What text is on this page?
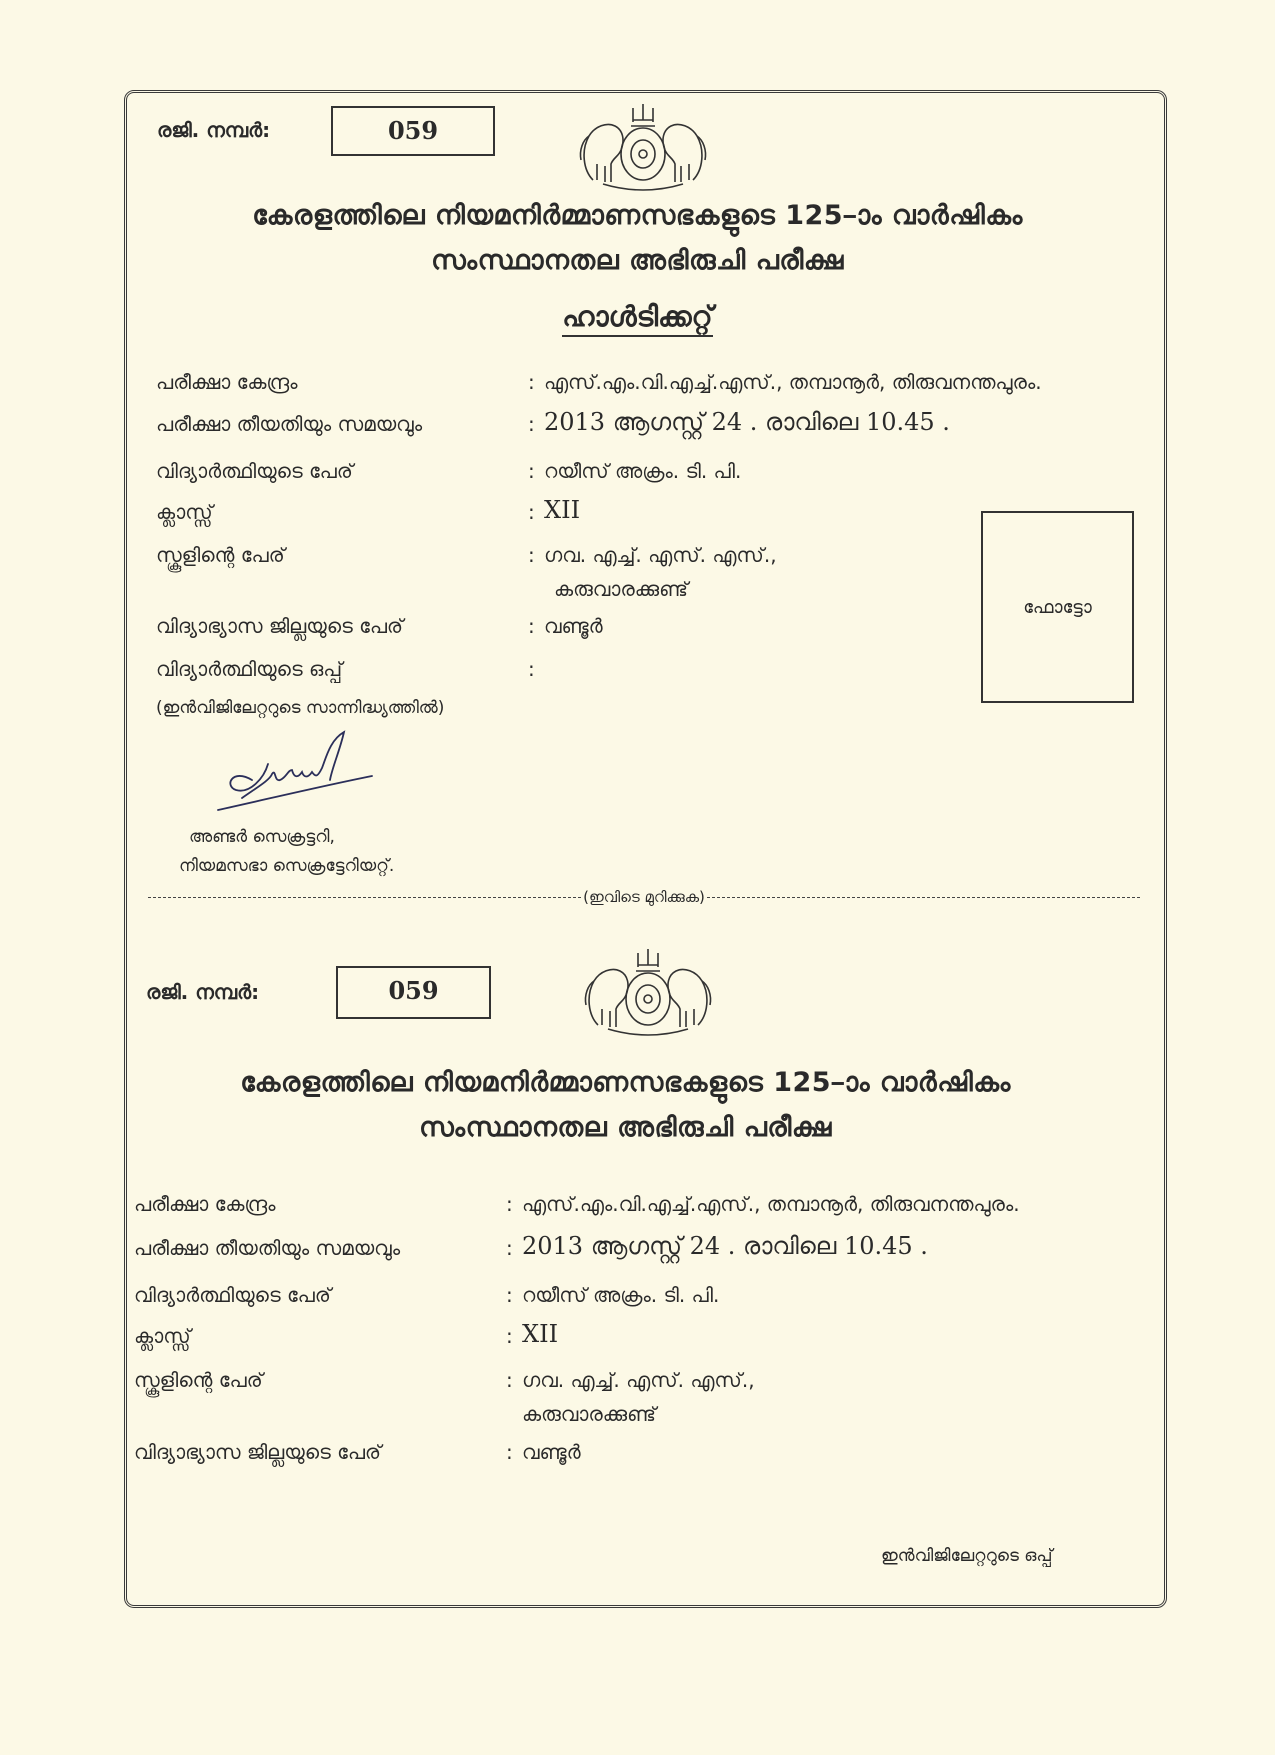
രജി. നമ്പർ:	059
കേരളത്തിലെ നിയമനിർമ്മാണസഭകളുടെ 125–ാം വാർഷികം
സംസ്ഥാനതല അഭിരുചി പരീക്ഷ
ഹാൾടിക്കറ്റ്
പരീക്ഷാ കേന്ദ്രം	: എസ്.എം.വി.എച്ച്.എസ്., തമ്പാനൂർ, തിരുവനന്തപുരം.
പരീക്ഷാ തീയതിയും സമയവും	: 2013 ആഗസ്റ്റ് 24 . രാവിലെ 10.45 .
വിദ്യാർത്ഥിയുടെ പേര്	: റയീസ് അക്രം. ടി. പി.
ക്ലാസ്സ്	: XII
സ്കൂളിന്റെ പേര്	: ഗവ. എച്ച്. എസ്. എസ്.,
കരുവാരക്കുണ്ട്
വിദ്യാഭ്യാസ ജില്ലയുടെ പേര്	: വണ്ടൂർ
വിദ്യാർത്ഥിയുടെ ഒപ്പ്	:
(ഇൻവിജിലേറ്ററുടെ സാന്നിദ്ധ്യത്തിൽ)
ഫോട്ടോ
അണ്ടർ സെക്രട്ടറി,
നിയമസഭാ സെക്രട്ടേറിയറ്റ്.
(ഇവിടെ മുറിക്കുക)
രജി. നമ്പർ:	059
കേരളത്തിലെ നിയമനിർമ്മാണസഭകളുടെ 125–ാം വാർഷികം
സംസ്ഥാനതല അഭിരുചി പരീക്ഷ
പരീക്ഷാ കേന്ദ്രം	: എസ്.എം.വി.എച്ച്.എസ്., തമ്പാനൂർ, തിരുവനന്തപുരം.
പരീക്ഷാ തീയതിയും സമയവും	: 2013 ആഗസ്റ്റ് 24 . രാവിലെ 10.45 .
വിദ്യാർത്ഥിയുടെ പേര്	: റയീസ് അക്രം. ടി. പി.
ക്ലാസ്സ്	: XII
സ്കൂളിന്റെ പേര്	: ഗവ. എച്ച്. എസ്. എസ്.,
കരുവാരക്കുണ്ട്
വിദ്യാഭ്യാസ ജില്ലയുടെ പേര്	: വണ്ടൂർ
ഇൻവിജിലേറ്ററുടെ ഒപ്പ്
